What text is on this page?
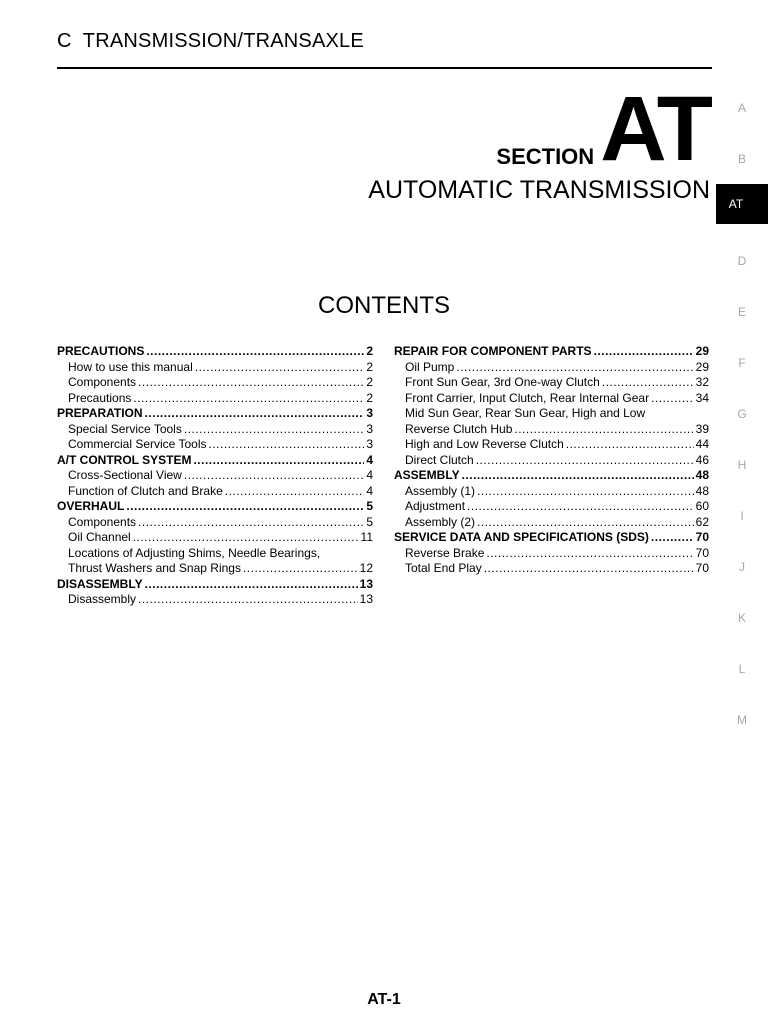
C  TRANSMISSION/TRANSAXLE
SECTION AT
AUTOMATIC TRANSMISSION
CONTENTS
PRECAUTIONS .....	2
How to use this manual .....	2
Components .....	2
Precautions .....	2
PREPARATION .....	3
Special Service Tools .....	3
Commercial Service Tools .....	3
A/T CONTROL SYSTEM .....	4
Cross-Sectional View .....	4
Function of Clutch and Brake .....	4
OVERHAUL .....	5
Components .....	5
Oil Channel .....	11
Locations of Adjusting Shims, Needle Bearings,
Thrust Washers and Snap Rings .....	12
DISASSEMBLY .....	13
Disassembly .....	13
REPAIR FOR COMPONENT PARTS .....	29
Oil Pump .....	29
Front Sun Gear, 3rd One-way Clutch .....	32
Front Carrier, Input Clutch, Rear Internal Gear .....	34
Mid Sun Gear, Rear Sun Gear, High and Low
Reverse Clutch Hub .....	39
High and Low Reverse Clutch .....	44
Direct Clutch .....	46
ASSEMBLY .....	48
Assembly (1) .....	48
Adjustment .....	60
Assembly (2) .....	62
SERVICE DATA AND SPECIFICATIONS (SDS) .....	70
Reverse Brake .....	70
Total End Play .....	70
A
B
AT
D
E
F
G
H
I
J
K
L
M
AT-1
